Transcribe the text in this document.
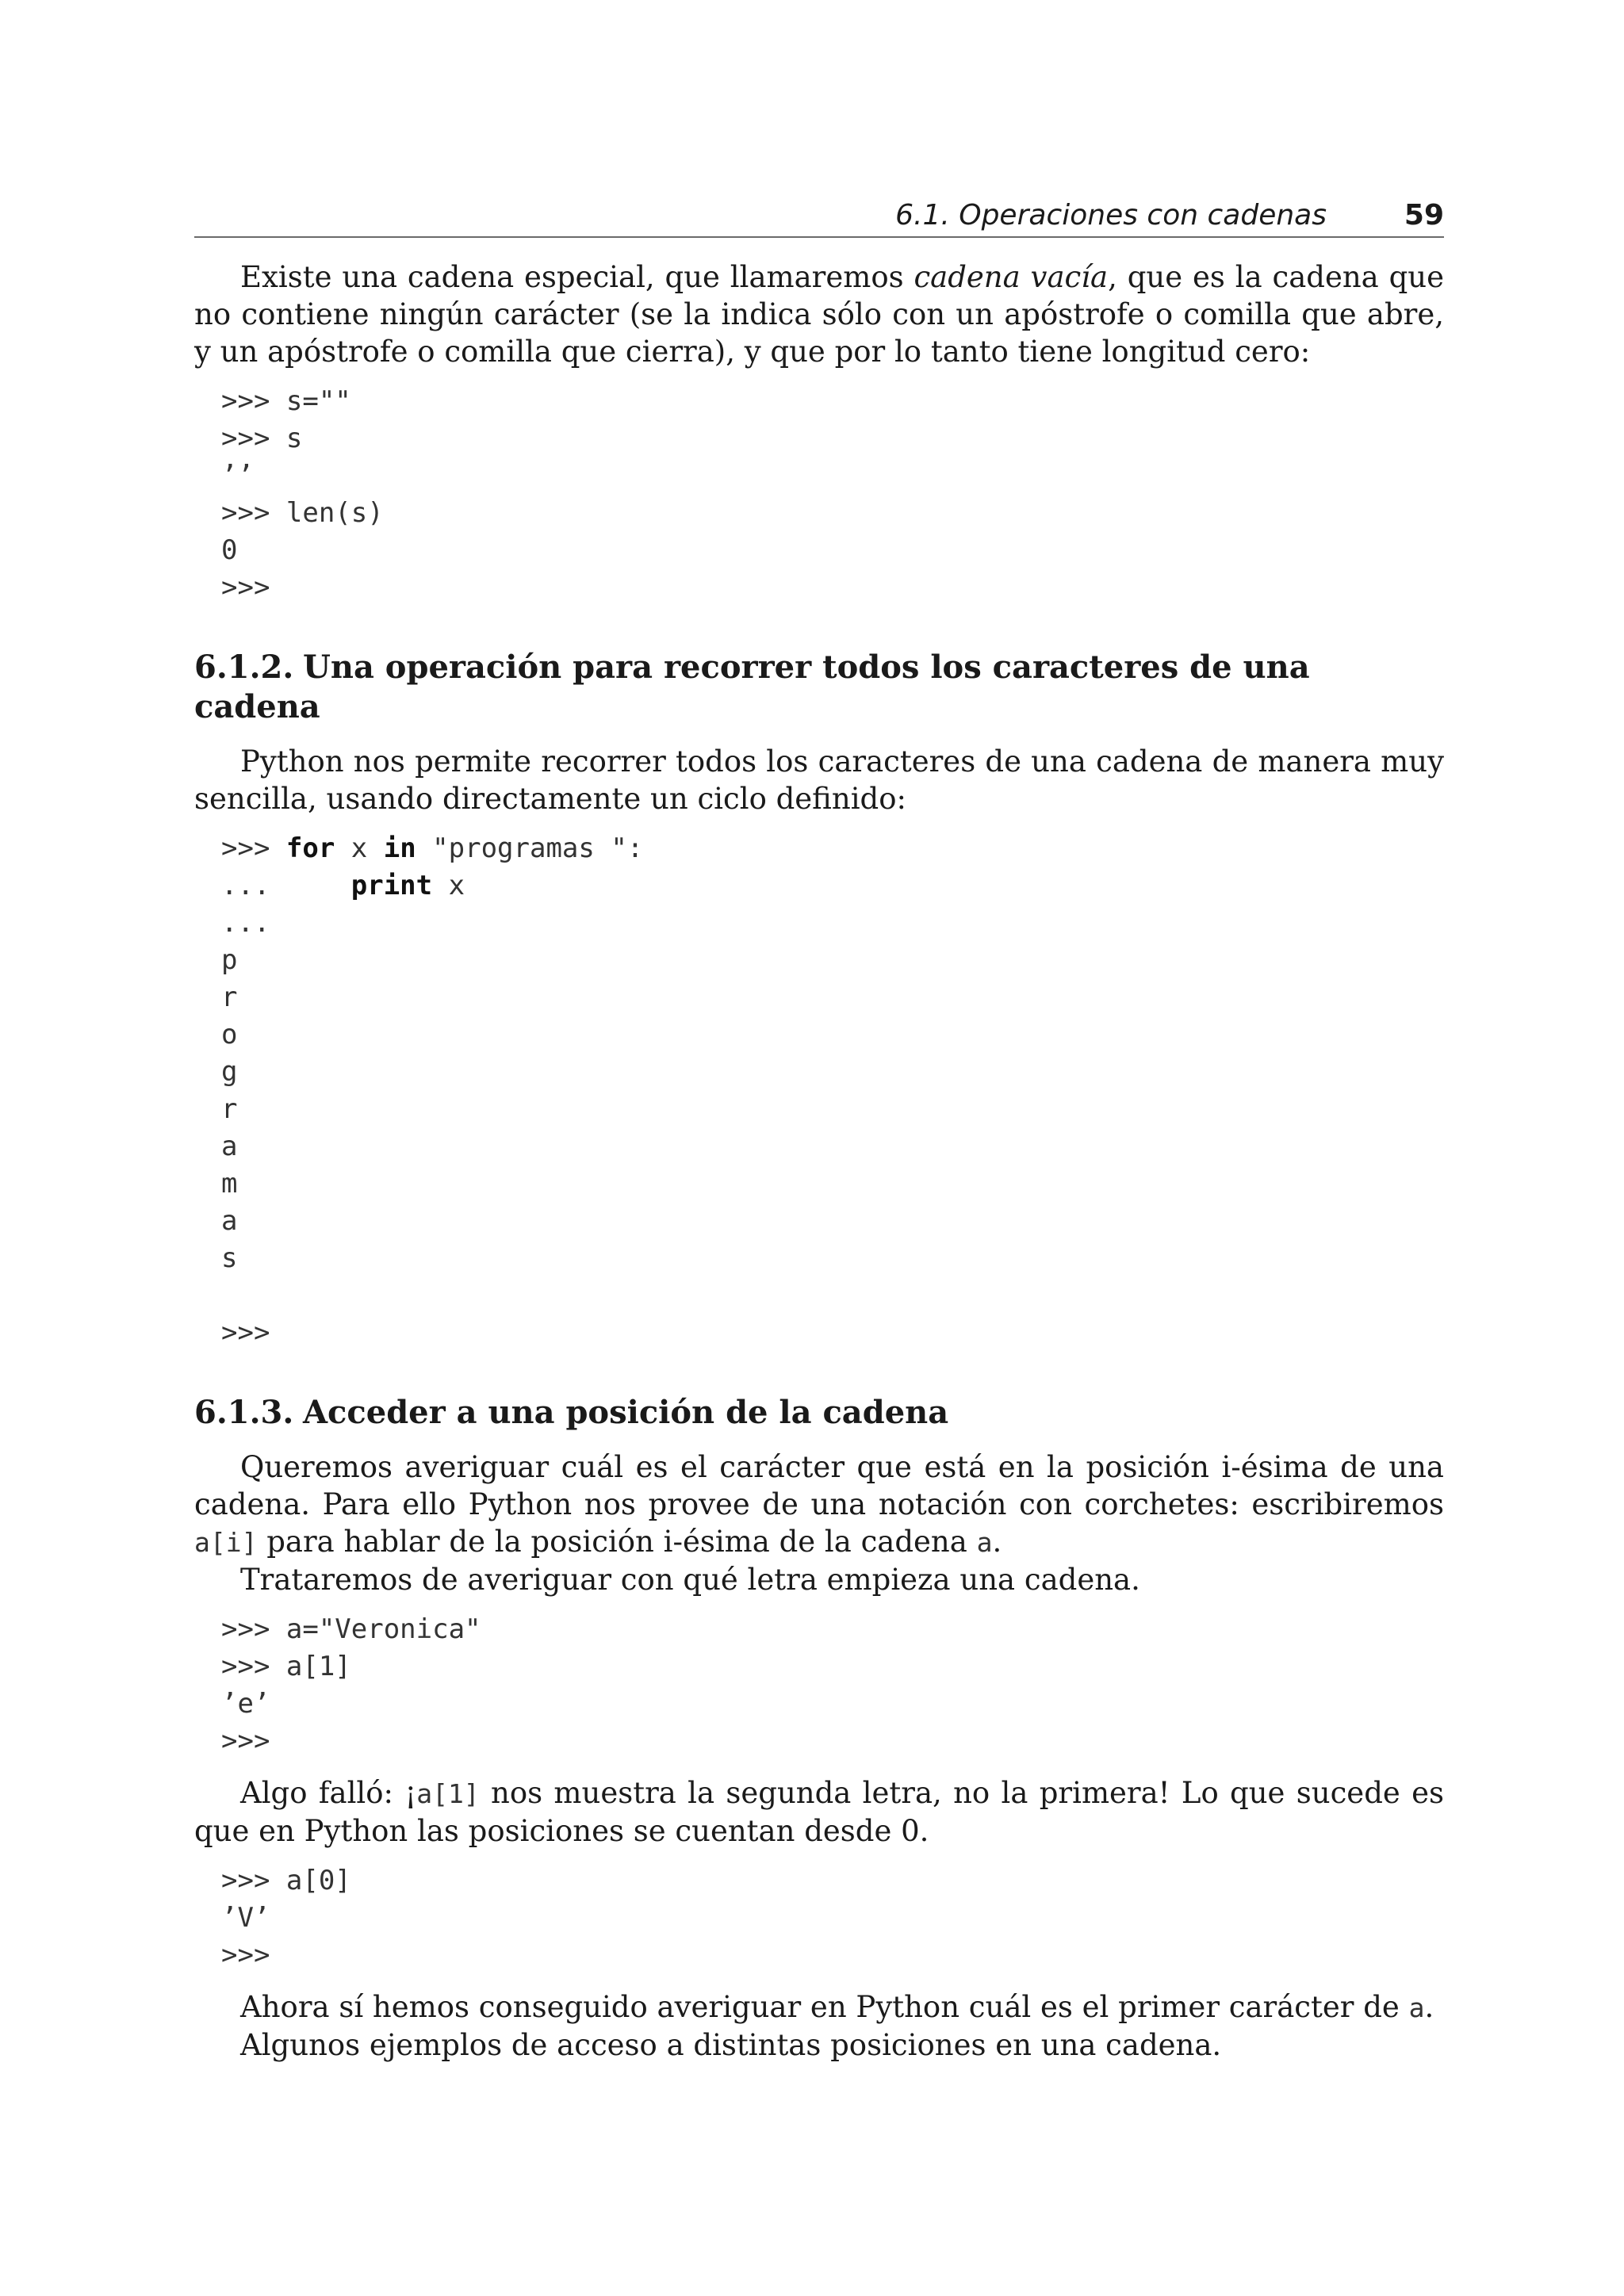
6.1. Operaciones con cadenas	59

Existe una cadena especial, que llamaremos cadena vacía, que es la cadena que no contiene ningún carácter (se la indica sólo con un apóstrofe o comilla que abre, y un apóstrofe o comilla que cierra), y que por lo tanto tiene longitud cero:

>>> s=""
>>> s
’’
>>> len(s)
0
>>>
6.1.2. Una operación para recorrer todos los caracteres de una cadena

Python nos permite recorrer todos los caracteres de una cadena de manera muy sencilla, usando directamente un ciclo definido:

>>> for x in "programas ":
...     print x
...
p
r
o
g
r
a
m
a
s

>>>
6.1.3. Acceder a una posición de la cadena

Queremos averiguar cuál es el carácter que está en la posición i-ésima de una cadena. Para ello Python nos provee de una notación con corchetes: escribiremos a[i] para hablar de la posición i-ésima de la cadena a.

Trataremos de averiguar con qué letra empieza una cadena.

>>> a="Veronica"
>>> a[1]
’e’
>>>

Algo falló: ¡a[1] nos muestra la segunda letra, no la primera! Lo que sucede es que en Python las posiciones se cuentan desde 0.

>>> a[0]
’V’
>>>

Ahora sí hemos conseguido averiguar en Python cuál es el primer carácter de a.

Algunos ejemplos de acceso a distintas posiciones en una cadena.
